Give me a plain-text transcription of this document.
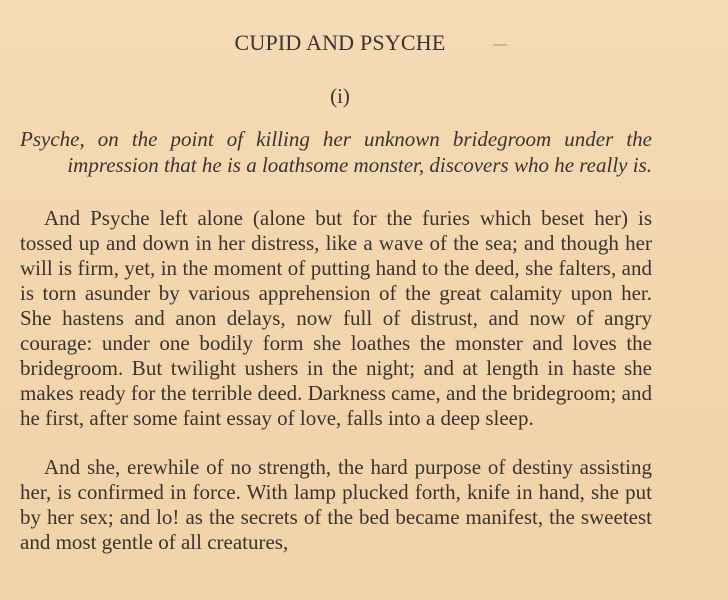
CUPID AND PSYCHE
(i)

Psyche, on the point of killing her unknown bridegroom under the impression that he is a loathsome monster, discovers who he really is.

And Psyche left alone (alone but for the furies which beset her) is tossed up and down in her distress, like a wave of the sea; and though her will is firm, yet, in the moment of putting hand to the deed, she falters, and is torn asunder by various apprehension of the great calamity upon her. She hastens and anon delays, now full of distrust, and now of angry courage: under one bodily form she loathes the monster and loves the bridegroom. But twilight ushers in the night; and at length in haste she makes ready for the terrible deed. Darkness came, and the bridegroom; and he first, after some faint essay of love, falls into a deep sleep.

And she, erewhile of no strength, the hard purpose of destiny assisting her, is confirmed in force. With lamp plucked forth, knife in hand, she put by her sex; and lo! as the secrets of the bed became manifest, the sweetest and most gentle of all creatures,
